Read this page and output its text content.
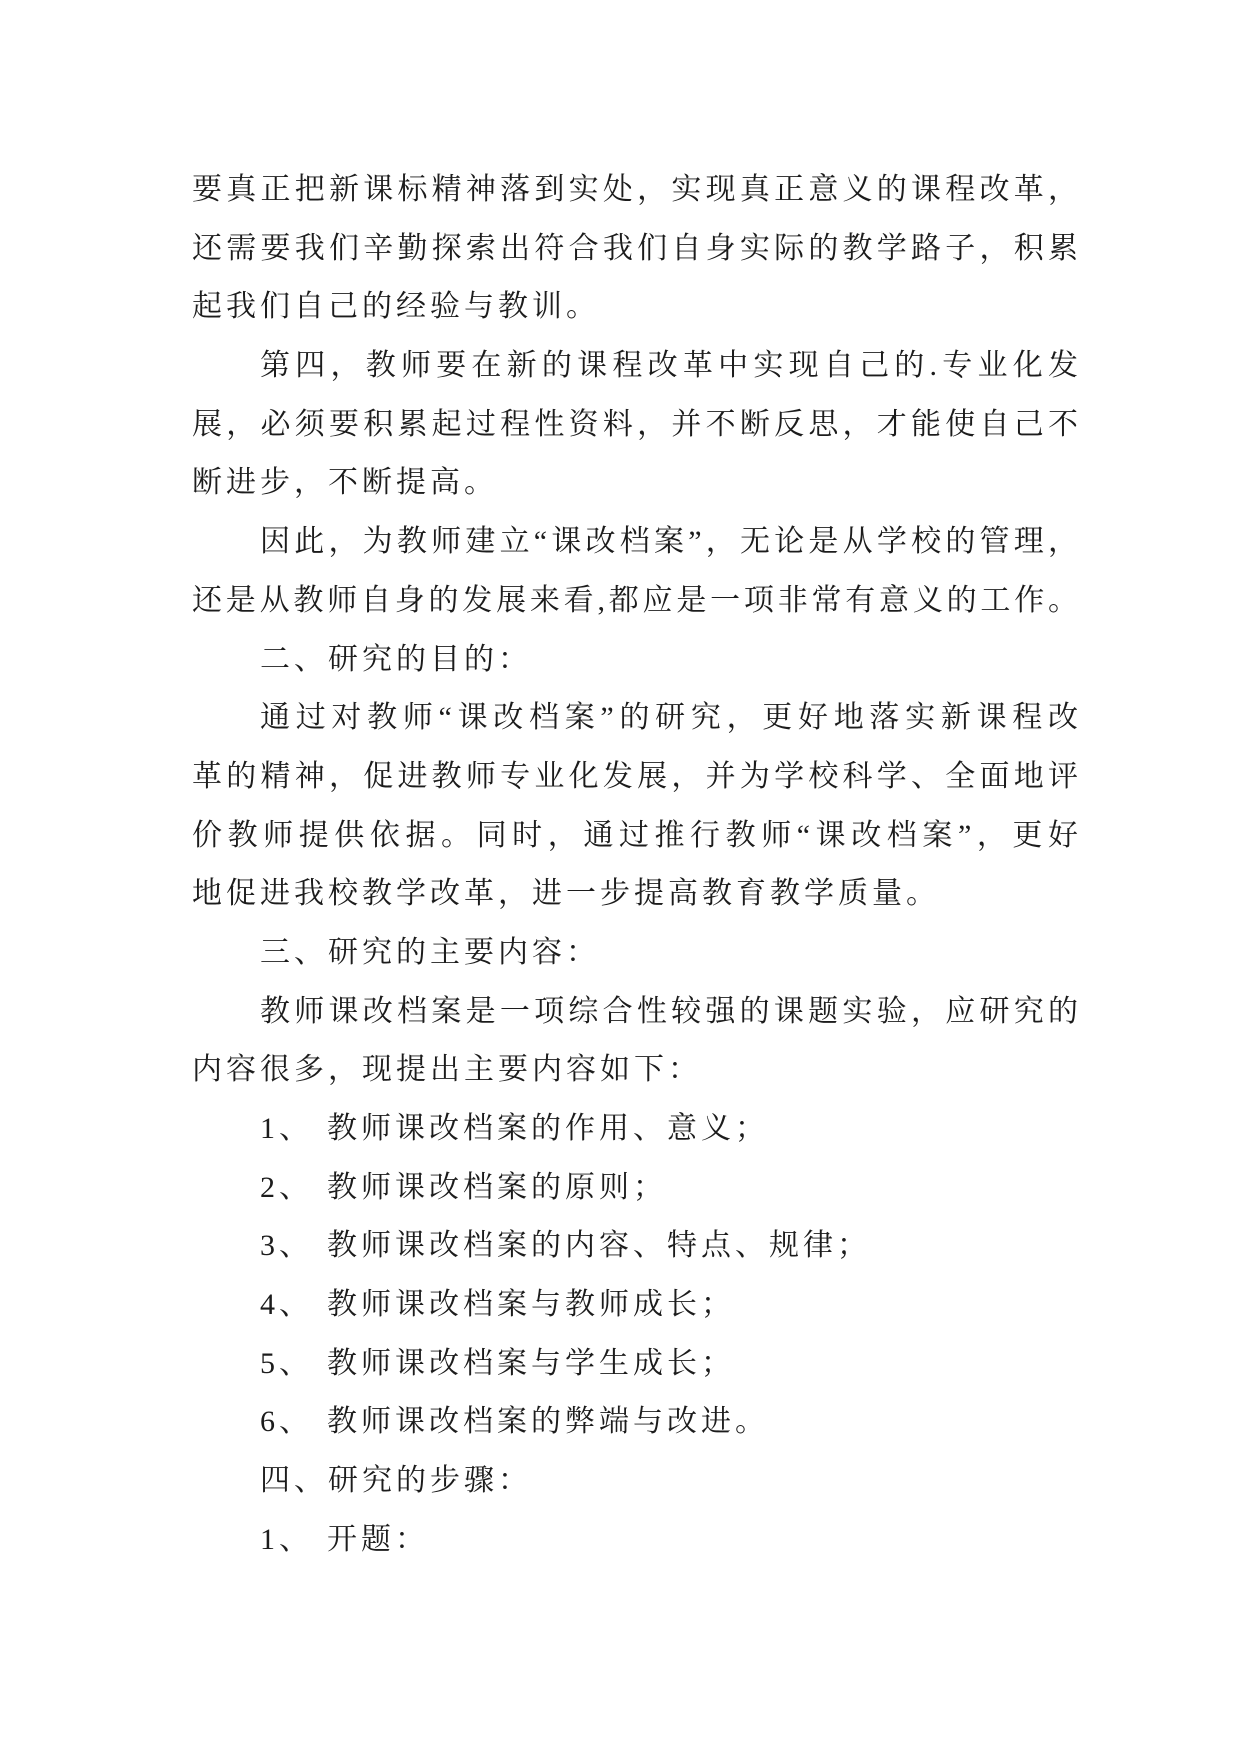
要真正把新课标精神落到实处，实现真正意义的课程改革，
还需要我们辛勤探索出符合我们自身实际的教学路子，积累
起我们自己的经验与教训。
第四，教师要在新的课程改革中实现自己的.专业化发
展，必须要积累起过程性资料，并不断反思，才能使自己不
断进步，不断提高。
因此，为教师建立“课改档案”，无论是从学校的管理，
还是从教师自身的发展来看,都应是一项非常有意义的工作。
二、研究的目的：
通过对教师“课改档案”的研究，更好地落实新课程改
革的精神，促进教师专业化发展，并为学校科学、全面地评
价教师提供依据。同时，通过推行教师“课改档案”，更好
地促进我校教学改革，进一步提高教育教学质量。
三、研究的主要内容：
教师课改档案是一项综合性较强的课题实验，应研究的
内容很多，现提出主要内容如下：
1、 教师课改档案的作用、意义；
2、 教师课改档案的原则；
3、 教师课改档案的内容、特点、规律；
4、 教师课改档案与教师成长；
5、 教师课改档案与学生成长；
6、 教师课改档案的弊端与改进。
四、研究的步骤：
1、 开题：
